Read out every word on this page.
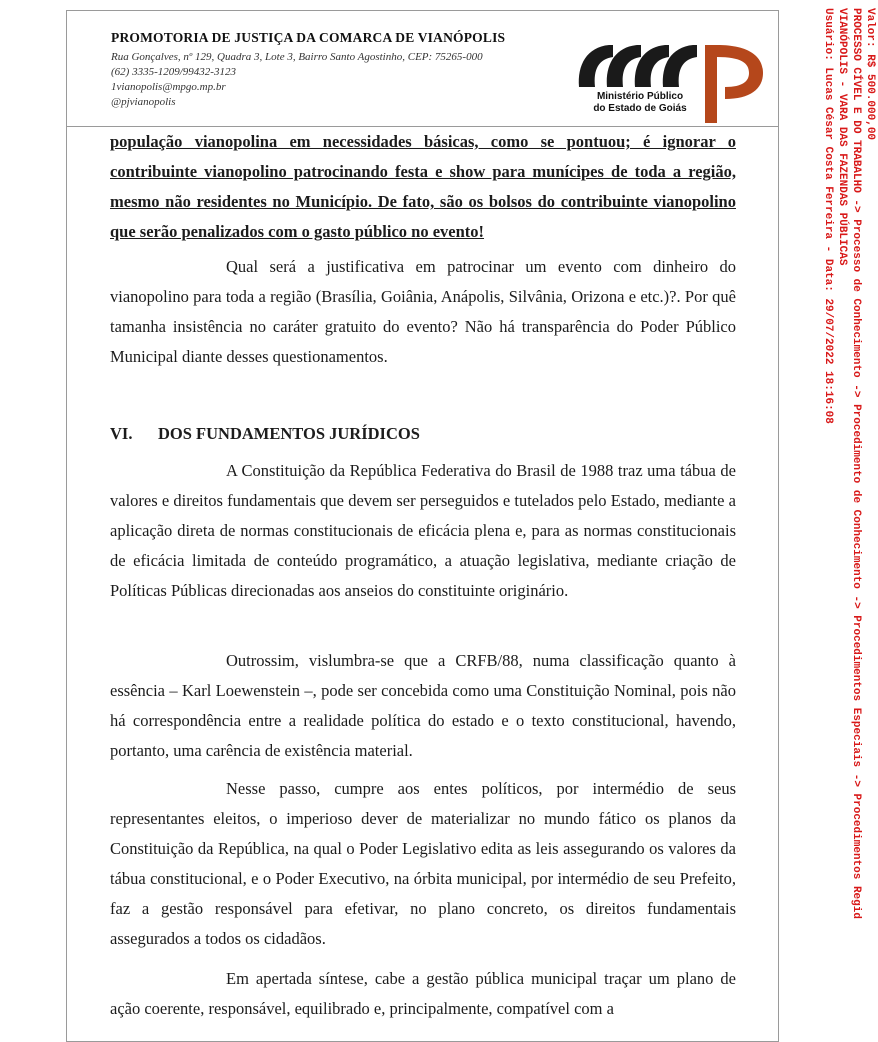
PROMOTORIA DE JUSTIÇA DA COMARCA DE VIANÓPOLIS

Rua Gonçalves, nº 129, Quadra 3, Lote 3, Bairro Santo Agostinho, CEP: 75265-000

(62) 3335-1209/99432-3123

1vianopolis@mpgo.mp.br

@pjvianopolis	Ministério Público
do Estado de Goiás

população vianopolina em necessidades básicas, como se pontuou; é ignorar o contribuinte vianopolino patrocinando festa e show para munícipes de toda a região, mesmo não residentes no Município. De fato, são os bolsos do contribuinte vianopolino que serão penalizados com o gasto público no evento!

Qual será a justificativa em patrocinar um evento com dinheiro do vianopolino para toda a região (Brasília, Goiânia, Anápolis, Silvânia, Orizona e etc.)?. Por quê tamanha insistência no caráter gratuito do evento? Não há transparência do Poder Público Municipal diante desses questionamentos.

VI. DOS FUNDAMENTOS JURÍDICOS

A Constituição da República Federativa do Brasil de 1988 traz uma tábua de valores e direitos fundamentais que devem ser perseguidos e tutelados pelo Estado, mediante a aplicação direta de normas constitucionais de eficácia plena e, para as normas constitucionais de eficácia limitada de conteúdo programático, a atuação legislativa, mediante criação de Políticas Públicas direcionadas aos anseios do constituinte originário.

Outrossim, vislumbra-se que a CRFB/88, numa classificação quanto à essência – Karl Loewenstein –, pode ser concebida como uma Constituição Nominal, pois não há correspondência entre a realidade política do estado e o texto constitucional, havendo, portanto, uma carência de existência material.

Nesse passo, cumpre aos entes políticos, por intermédio de seus representantes eleitos, o imperioso dever de materializar no mundo fático os planos da Constituição da República, na qual o Poder Legislativo edita as leis assegurando os valores da tábua constitucional, e o Poder Executivo, na órbita municipal, por intermédio de seu Prefeito, faz a gestão responsável para efetivar, no plano concreto, os direitos fundamentais assegurados a todos os cidadãos.

Em apertada síntese, cabe a gestão pública municipal traçar um plano de ação coerente, responsável, equilibrado e, principalmente, compatível com a

Valor: R$ 500.000,00
PROCESSO CÍVEL E DO TRABALHO -> Processo de Conhecimento -> Procedimento de Conhecimento -> Procedimentos Especiais -> Procedimentos Regid
VIANÓPOLIS - VARA DAS FAZENDAS PÚBLICAS
Usuário: Lucas César Costa Ferreira - Data: 29/07/2022 18:16:08
